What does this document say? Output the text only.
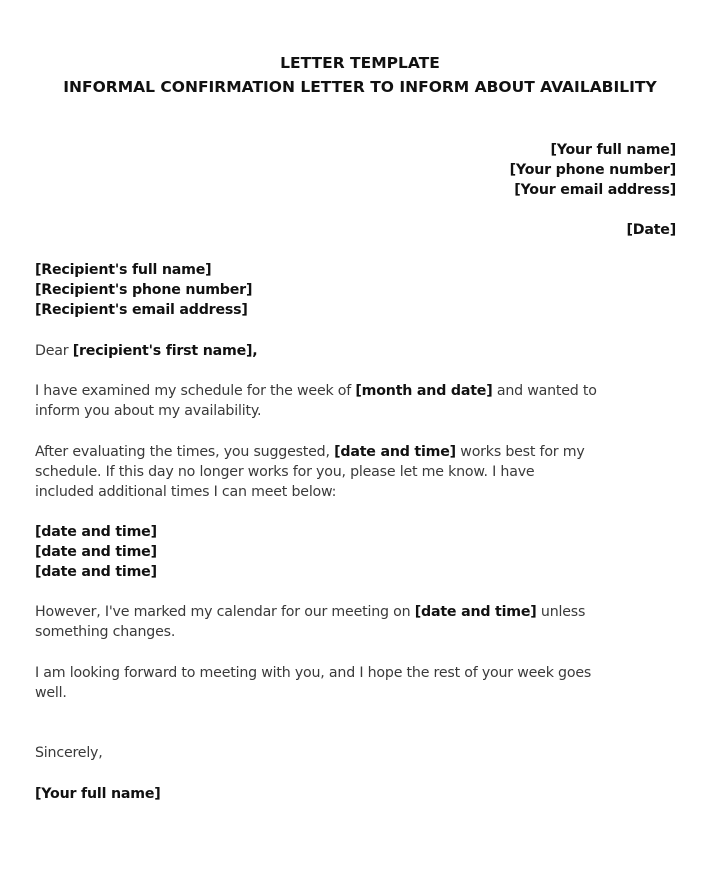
LETTER TEMPLATE
INFORMAL CONFIRMATION LETTER TO INFORM ABOUT AVAILABILITY
[Your full name]
[Your phone number]
[Your email address]
[Date]
[Recipient's full name]
[Recipient's phone number]
[Recipient's email address]
Dear [recipient's first name],
I have examined my schedule for the week of [month and date] and wanted to
inform you about my availability.
After evaluating the times, you suggested, [date and time] works best for my
schedule. If this day no longer works for you, please let me know. I have
included additional times I can meet below:
[date and time]
[date and time]
[date and time]
However, I've marked my calendar for our meeting on [date and time] unless
something changes.
I am looking forward to meeting with you, and I hope the rest of your week goes
well.
Sincerely,
[Your full name]
